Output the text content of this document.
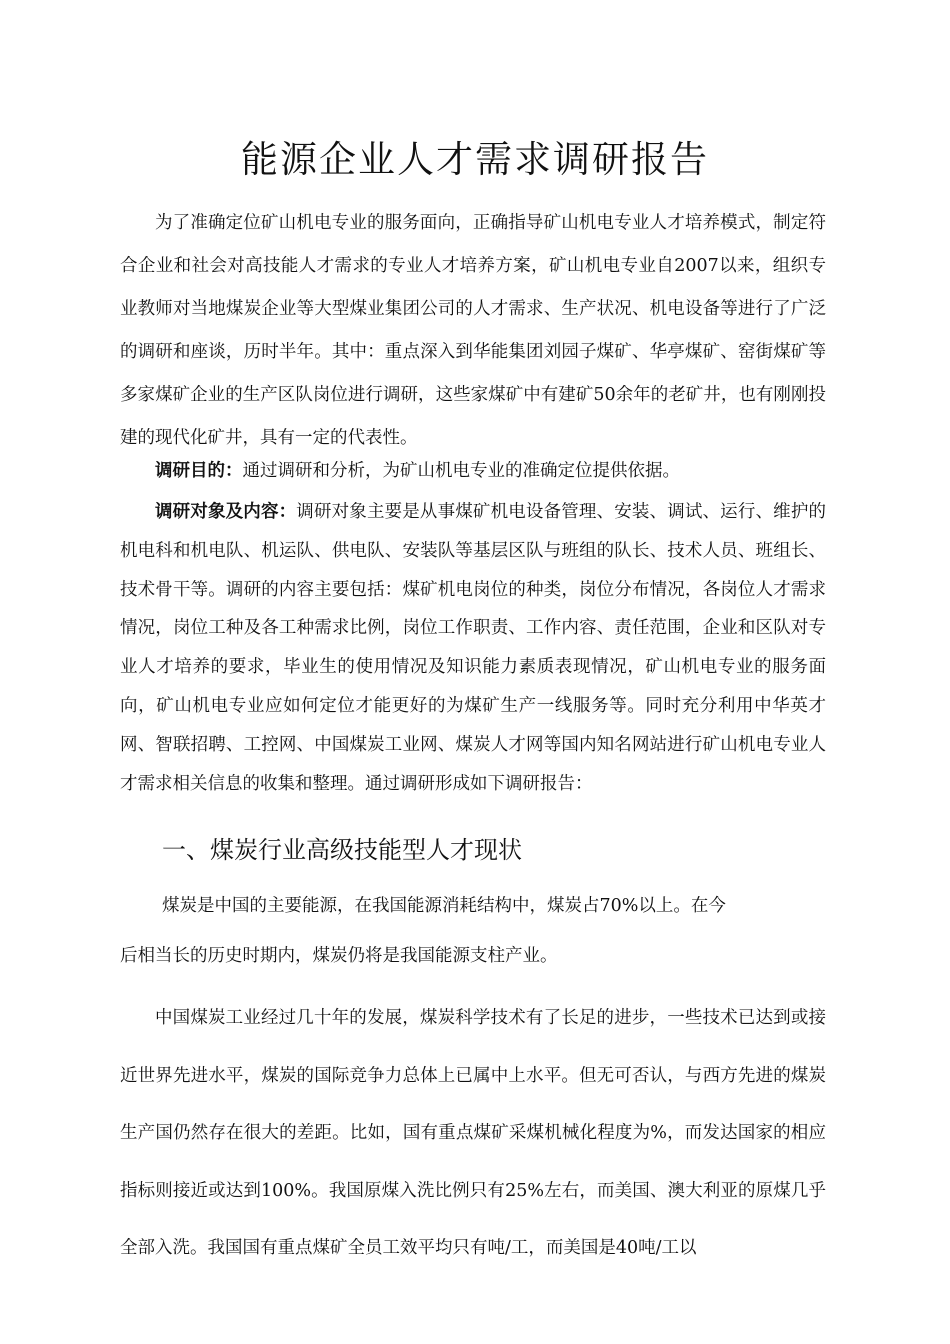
能源企业人才需求调研报告

为了准确定位矿山机电专业的服务面向，正确指导矿山机电专业人才培养模式，制定符合企业和社会对高技能人才需求的专业人才培养方案，矿山机电专业自2007以来，组织专业教师对当地煤炭企业等大型煤业集团公司的人才需求、生产状况、机电设备等进行了广泛的调研和座谈，历时半年。其中：重点深入到华能集团刘园子煤矿、华亭煤矿、窑街煤矿等多家煤矿企业的生产区队岗位进行调研，这些家煤矿中有建矿50余年的老矿井，也有刚刚投建的现代化矿井，具有一定的代表性。

调研目的：通过调研和分析，为矿山机电专业的准确定位提供依据。

调研对象及内容：调研对象主要是从事煤矿机电设备管理、安装、调试、运行、维护的机电科和机电队、机运队、供电队、安装队等基层区队与班组的队长、技术人员、班组长、技术骨干等。调研的内容主要包括：煤矿机电岗位的种类，岗位分布情况，各岗位人才需求情况，岗位工种及各工种需求比例，岗位工作职责、工作内容、责任范围，企业和区队对专业人才培养的要求，毕业生的使用情况及知识能力素质表现情况，矿山机电专业的服务面向，矿山机电专业应如何定位才能更好的为煤矿生产一线服务等。同时充分利用中华英才网、智联招聘、工控网、中国煤炭工业网、煤炭人才网等国内知名网站进行矿山机电专业人才需求相关信息的收集和整理。通过调研形成如下调研报告：

一、煤炭行业高级技能型人才现状
煤炭是中国的主要能源，在我国能源消耗结构中，煤炭占70%以上。在今
后相当长的历史时期内，煤炭仍将是我国能源支柱产业。

中国煤炭工业经过几十年的发展，煤炭科学技术有了长足的进步，一些技术已达到或接近世界先进水平，煤炭的国际竞争力总体上已属中上水平。但无可否认，与西方先进的煤炭生产国仍然存在很大的差距。比如，国有重点煤矿采煤机械化程度为%，而发达国家的相应指标则接近或达到100%。我国原煤入洗比例只有25%左右，而美国、澳大利亚的原煤几乎全部入洗。我国国有重点煤矿全员工效平均只有吨/工，而美国是40吨/工以
